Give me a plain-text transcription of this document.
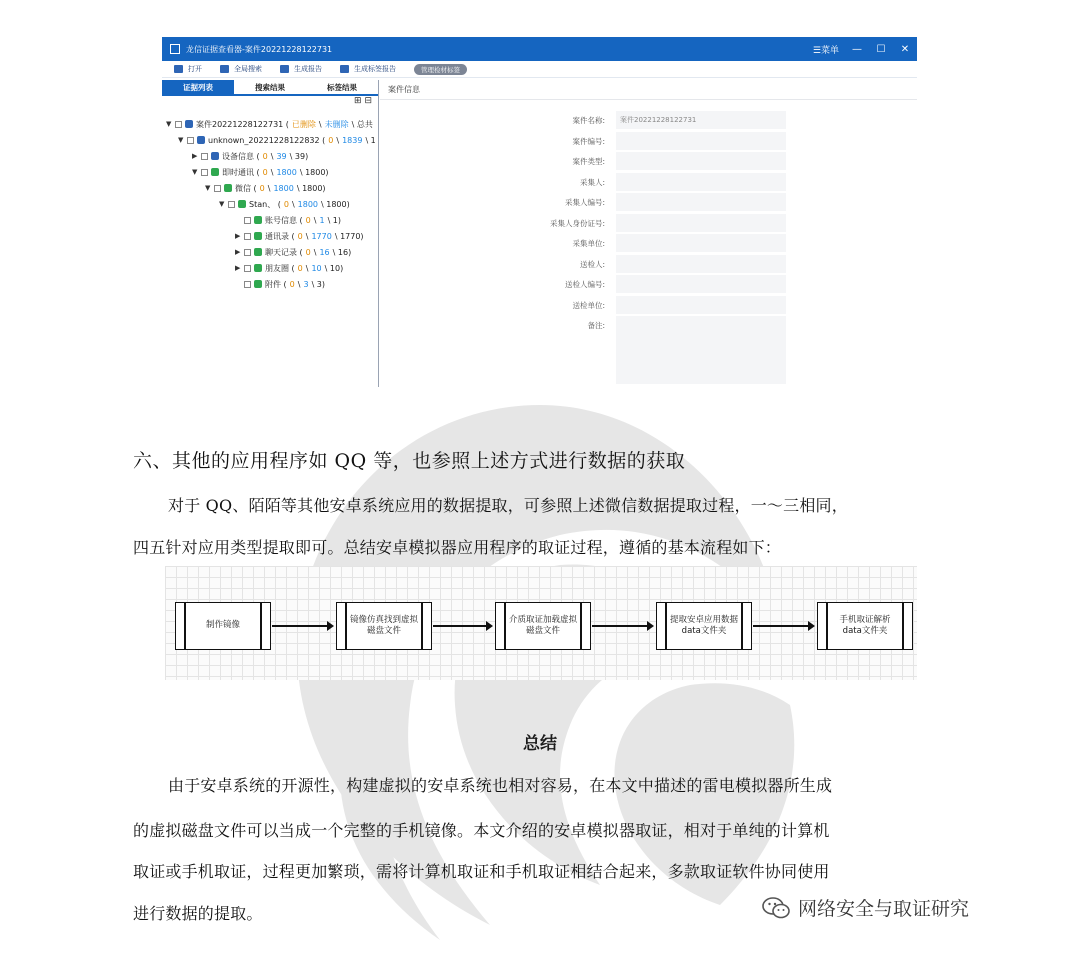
龙信证据查看器-案件20221228122731	☰菜单	—	☐	✕
打开	全局搜索	生成报告	生成标签报告	管理检材标签
证据列表	搜索结果	标签结果
⊞ ⊟
▼	案件20221228122731 ( 已删除 \ 未删除 \ 总共
▼	unknown_20221228122832 ( 0 \ 1839 \ 1
▶	设备信息 ( 0 \ 39 \ 39)
▼	即时通讯 ( 0 \ 1800 \ 1800)
▼	微信 ( 0 \ 1800 \ 1800)
▼	Stan、 ( 0 \ 1800 \ 1800)
账号信息 ( 0 \ 1 \ 1)
▶	通讯录 ( 0 \ 1770 \ 1770)
▶	聊天记录 ( 0 \ 16 \ 16)
▶	朋友圈 ( 0 \ 10 \ 10)
附件 ( 0 \ 3 \ 3)
案件信息
案件名称:	案件20221228122731
案件编号:
案件类型:
采集人:
采集人编号:
采集人身份证号:
采集单位:
送检人:
送检人编号:
送检单位:
备注:
六、其他的应用程序如 QQ 等，也参照上述方式进行数据的获取
对于 QQ、陌陌等其他安卓系统应用的数据提取，可参照上述微信数据提取过程，一～三相同，
四五针对应用类型提取即可。总结安卓模拟器应用程序的取证过程，遵循的基本流程如下：
制作镜像
镜像仿真找到虚拟磁盘文件
介质取证加载虚拟磁盘文件
提取安卓应用数据data文件夹
手机取证解析data文件夹
总结
由于安卓系统的开源性，构建虚拟的安卓系统也相对容易，在本文中描述的雷电模拟器所生成
的虚拟磁盘文件可以当成一个完整的手机镜像。本文介绍的安卓模拟器取证，相对于单纯的计算机
取证或手机取证，过程更加繁琐，需将计算机取证和手机取证相结合起来，多款取证软件协同使用
进行数据的提取。	网络安全与取证研究
